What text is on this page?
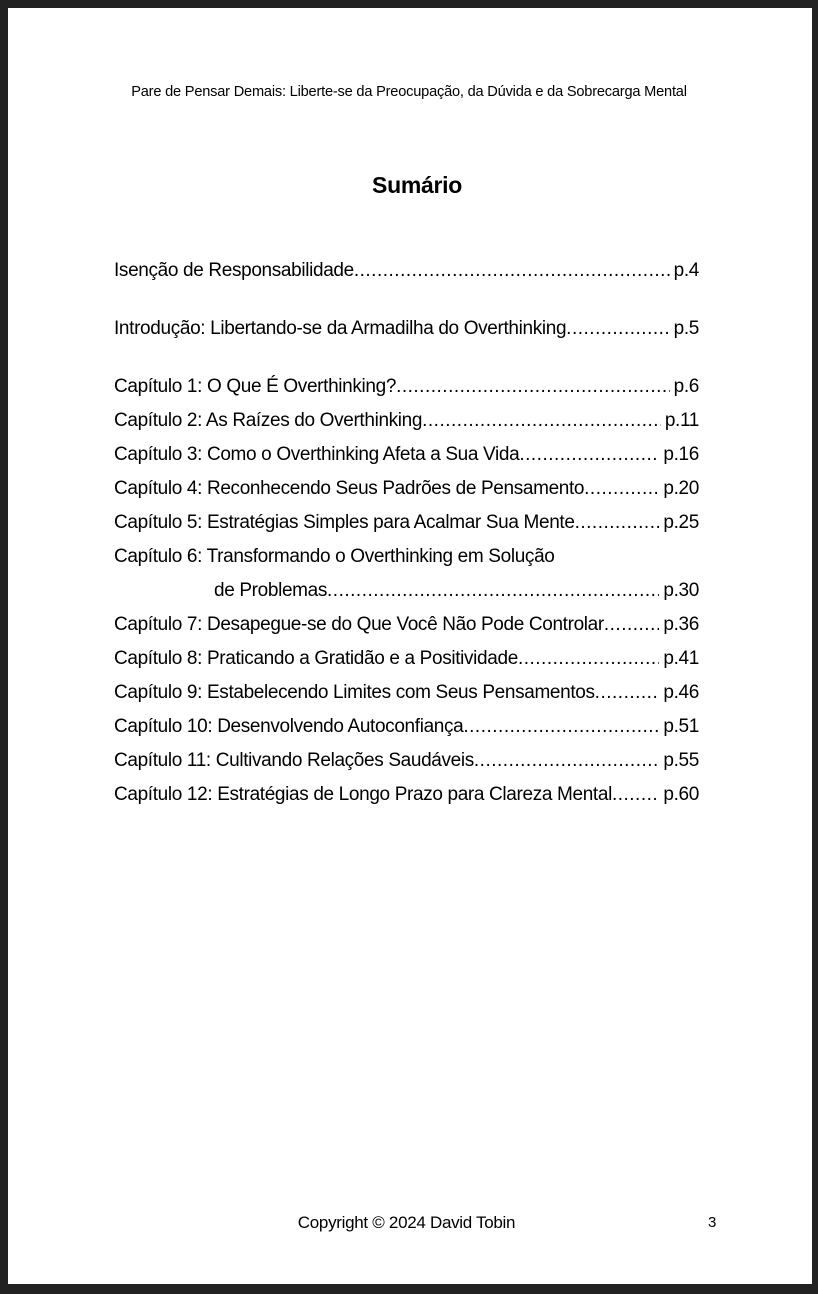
Pare de Pensar Demais: Liberte-se da Preocupação, da Dúvida e da Sobrecarga Mental
Sumário
Isenção de Responsabilidade .....	p.4
Introdução: Libertando-se da Armadilha do Overthinking .....	p.5
Capítulo 1: O Que É Overthinking? .....	p.6
Capítulo 2: As Raízes do Overthinking .....	p.11
Capítulo 3: Como o Overthinking Afeta a Sua Vida .....	p.16
Capítulo 4: Reconhecendo Seus Padrões de Pensamento .....	p.20
Capítulo 5: Estratégias Simples para Acalmar Sua Mente .....	p.25
Capítulo 6: Transformando o Overthinking em Solução
de Problemas .....	p.30
Capítulo 7: Desapegue-se do Que Você Não Pode Controlar .....	p.36
Capítulo 8: Praticando a Gratidão e a Positividade .....	p.41
Capítulo 9: Estabelecendo Limites com Seus Pensamentos .....	p.46
Capítulo 10: Desenvolvendo Autoconfiança .....	p.51
Capítulo 11: Cultivando Relações Saudáveis .....	p.55
Capítulo 12: Estratégias de Longo Prazo para Clareza Mental .....	p.60
Copyright © 2024 David Tobin	3
